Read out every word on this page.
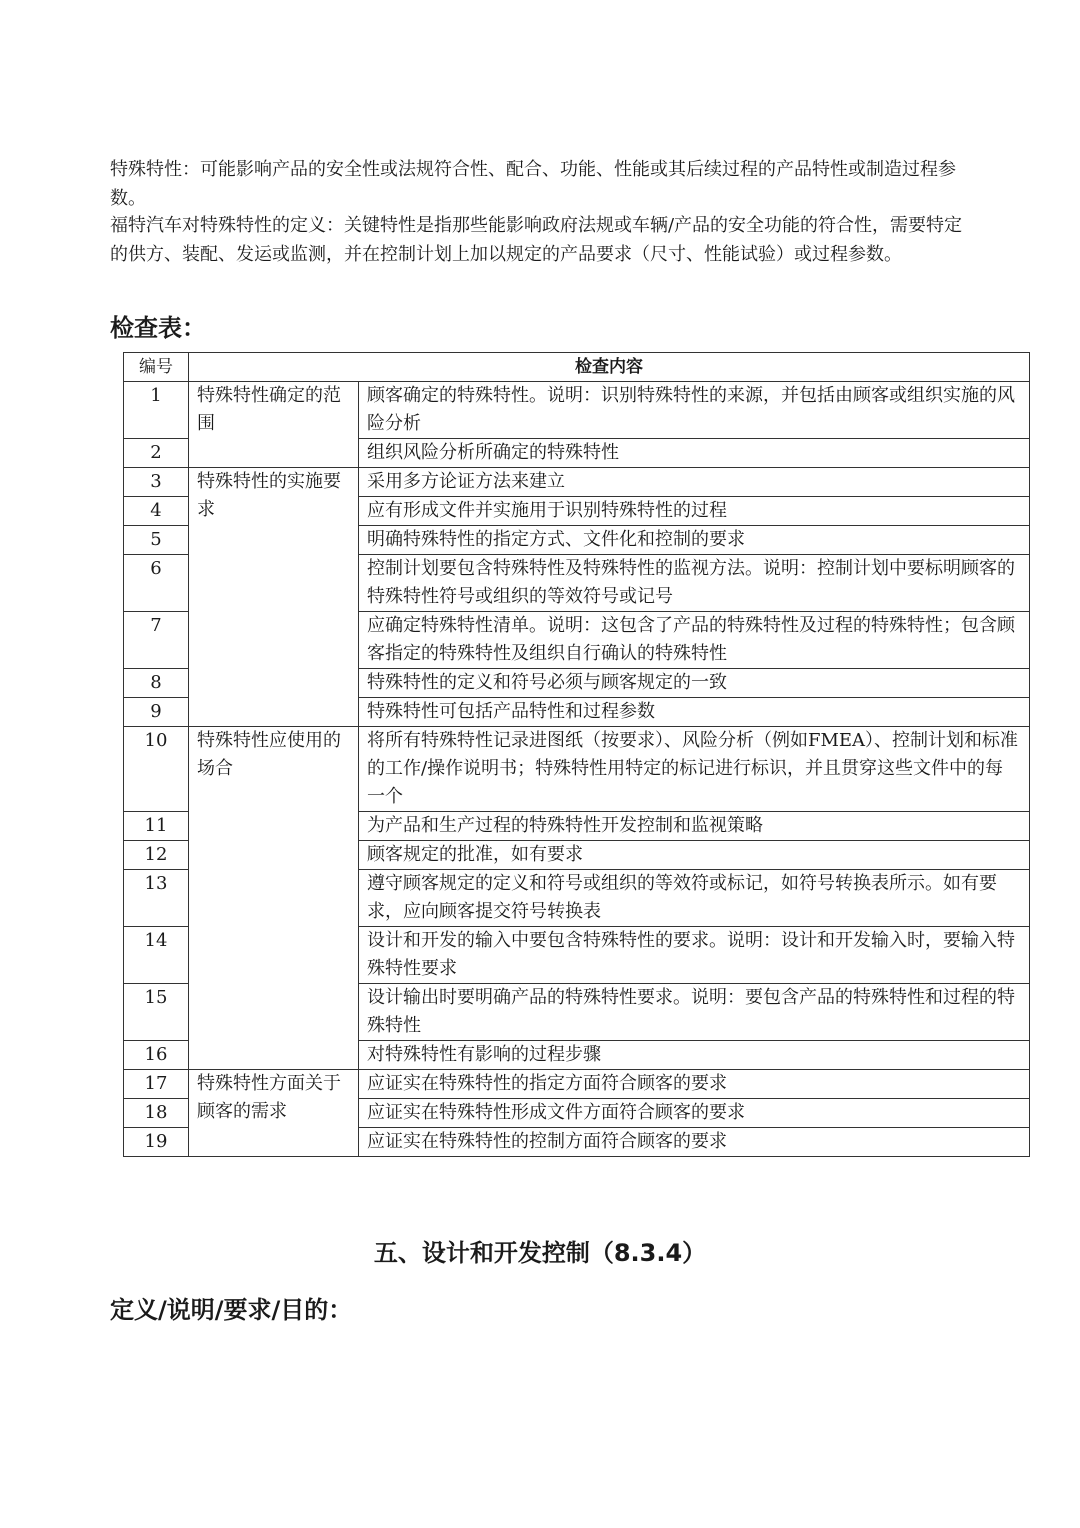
特殊特性：可能影响产品的安全性或法规符合性、配合、功能、性能或其后续过程的产品特性或制造过程参数。

福特汽车对特殊特性的定义：关键特性是指那些能影响政府法规或车辆/产品的安全功能的符合性，需要特定的供方、装配、发运或监测，并在控制计划上加以规定的产品要求（尺寸、性能试验）或过程参数。

检查表：
编号	检查内容	
1	特殊特性确定的范围	顾客确定的特殊特性。说明：识别特殊特性的来源，并包括由顾客或组织实施的风险分析
2		组织风险分析所确定的特殊特性
3	特殊特性的实施要求	采用多方论证方法来建立
4		应有形成文件并实施用于识别特殊特性的过程
5		明确特殊特性的指定方式、文件化和控制的要求
6		控制计划要包含特殊特性及特殊特性的监视方法。说明：控制计划中要标明顾客的特殊特性符号或组织的等效符号或记号
7		应确定特殊特性清单。说明：这包含了产品的特殊特性及过程的特殊特性；包含顾客指定的特殊特性及组织自行确认的特殊特性
8		特殊特性的定义和符号必须与顾客规定的一致
9		特殊特性可包括产品特性和过程参数
10	特殊特性应使用的场合	将所有特殊特性记录进图纸（按要求）、风险分析（例如FMEA）、控制计划和标准的工作/操作说明书；特殊特性用特定的标记进行标识，并且贯穿这些文件中的每一个
11		为产品和生产过程的特殊特性开发控制和监视策略
12		顾客规定的批准，如有要求
13		遵守顾客规定的定义和符号或组织的等效符或标记，如符号转换表所示。如有要求，应向顾客提交符号转换表
14		设计和开发的输入中要包含特殊特性的要求。说明：设计和开发输入时，要输入特殊特性要求
15		设计输出时要明确产品的特殊特性要求。说明：要包含产品的特殊特性和过程的特殊特性
16		对特殊特性有影响的过程步骤
17	特殊特性方面关于顾客的需求	应证实在特殊特性的指定方面符合顾客的要求
18		应证实在特殊特性形成文件方面符合顾客的要求
19		应证实在特殊特性的控制方面符合顾客的要求
五、设计和开发控制（8.3.4）
定义/说明/要求/目的：
